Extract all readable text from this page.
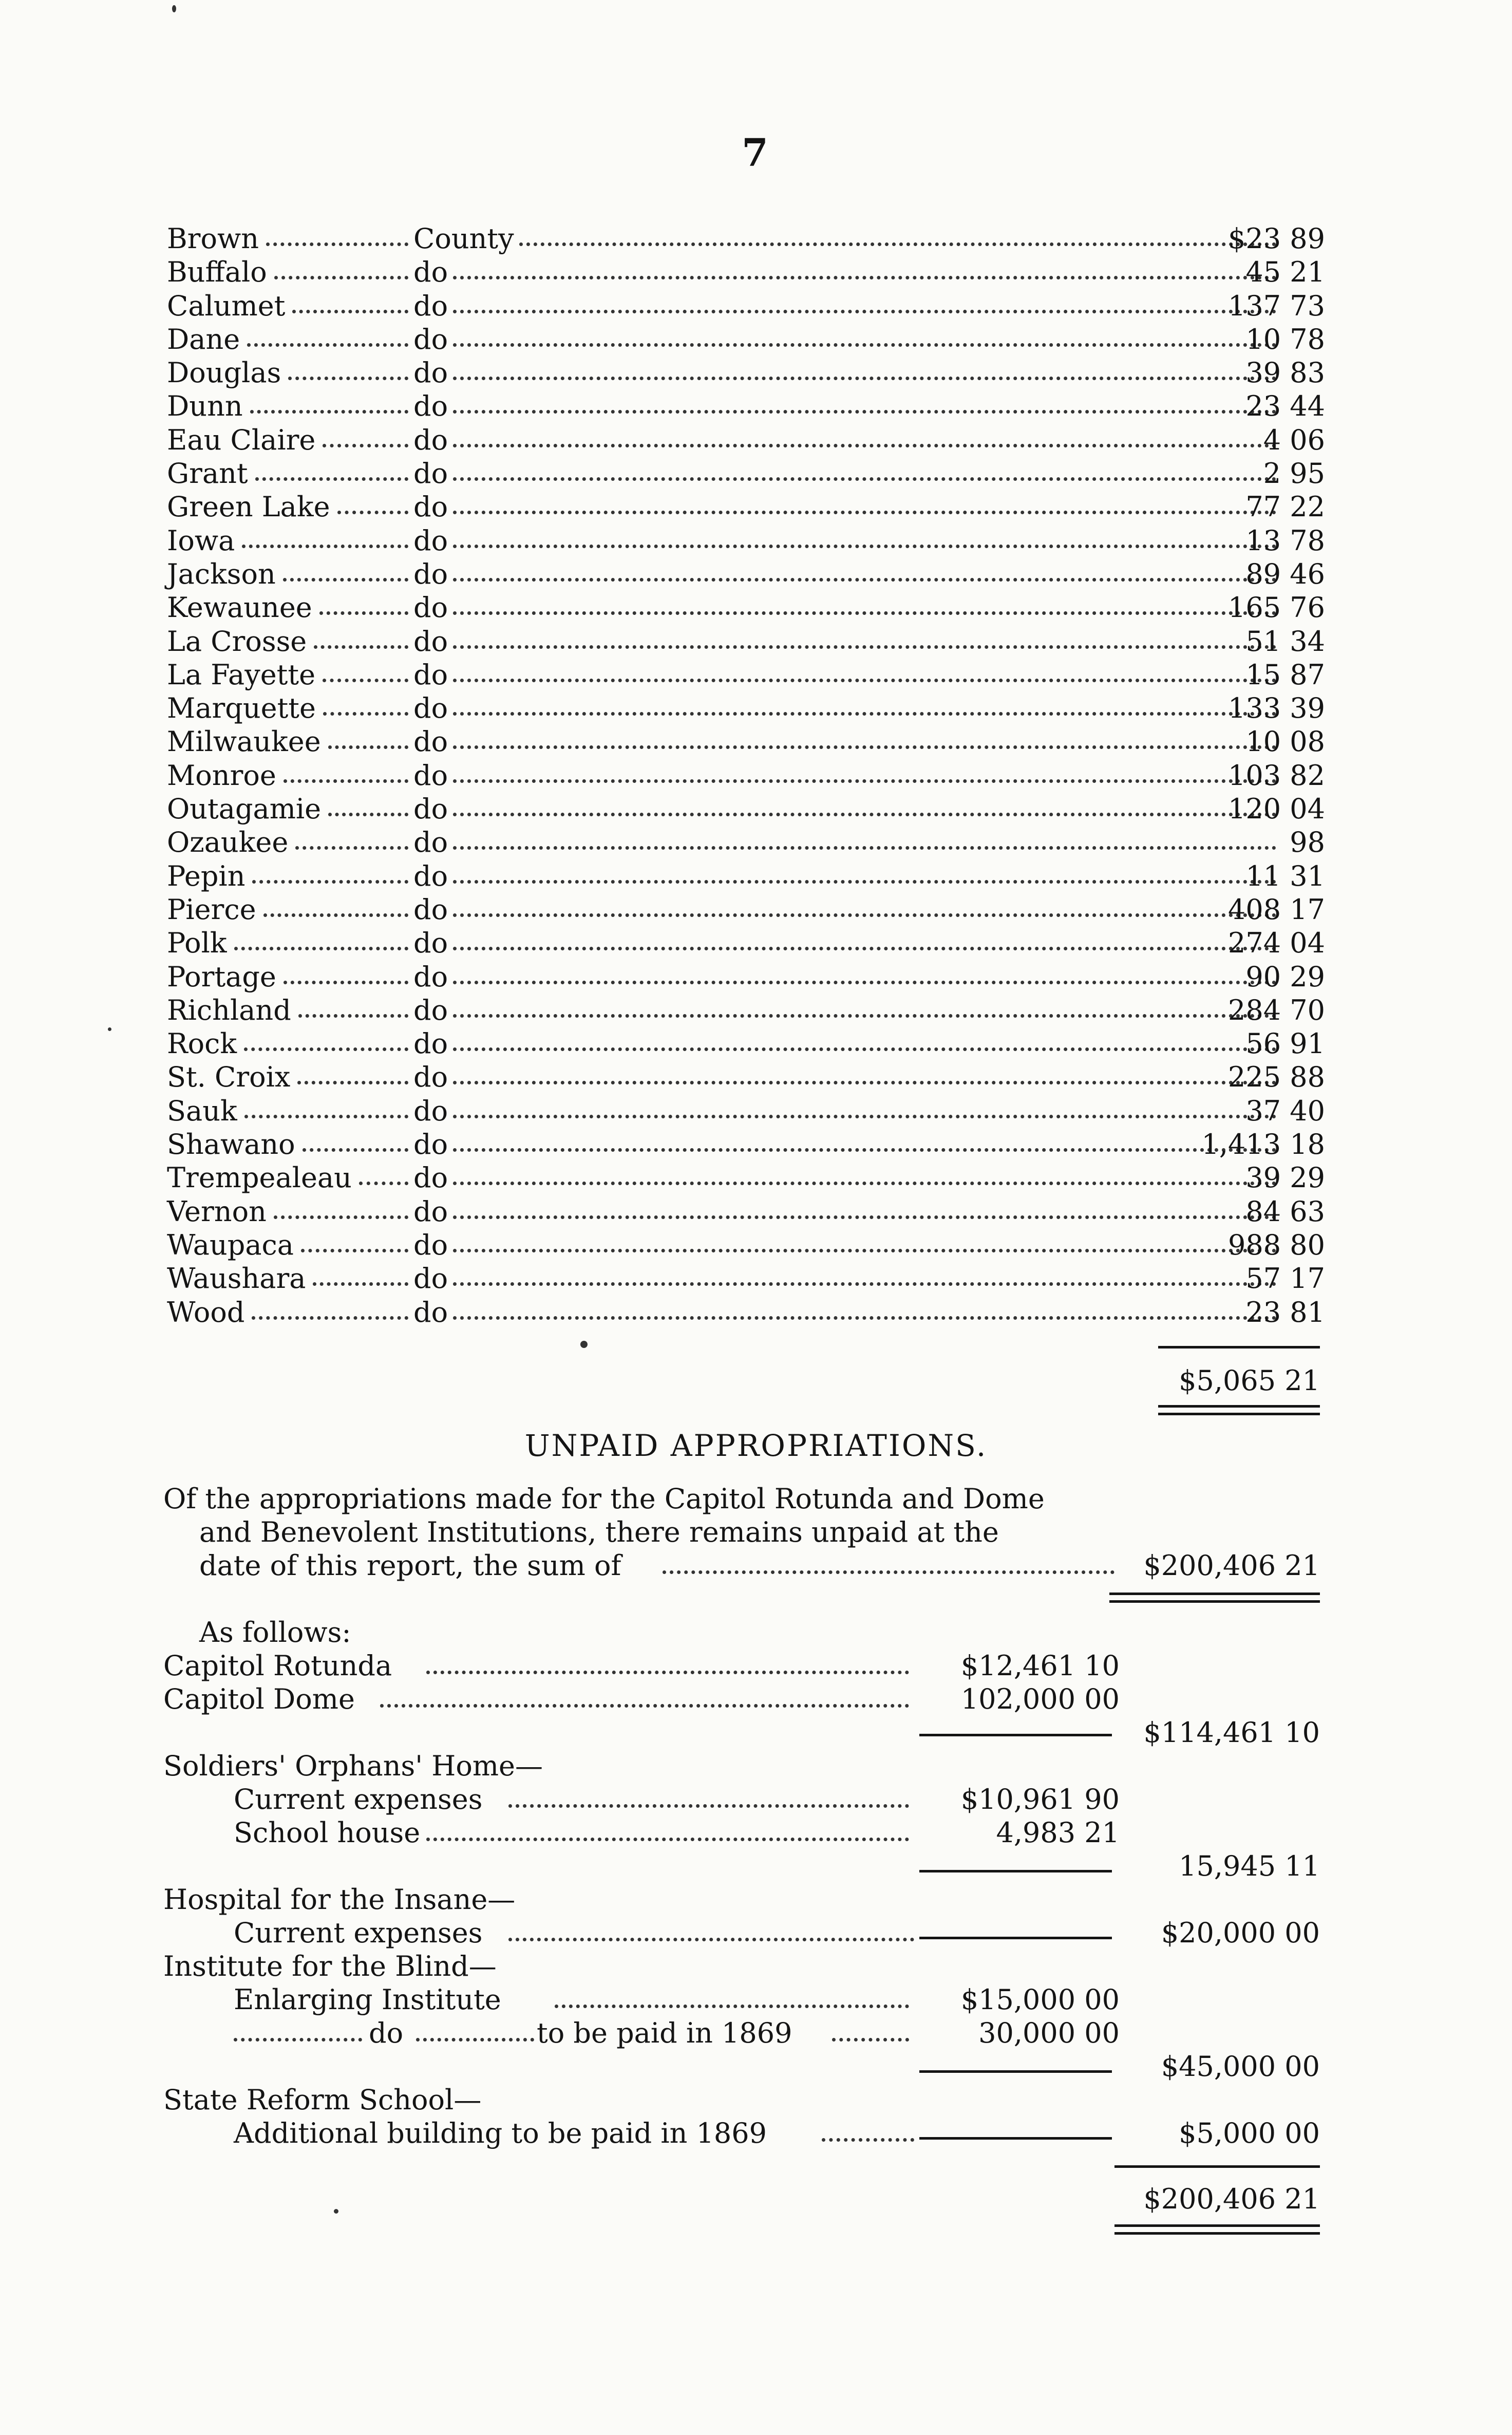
7
Brown	County	$23 89
Buffalo	do	45 21
Calumet	do	137 73
Dane	do	10 78
Douglas	do	39 83
Dunn	do	23 44
Eau Claire	do	4 06
Grant	do	2 95
Green Lake	do	77 22
Iowa	do	13 78
Jackson	do	89 46
Kewaunee	do	165 76
La Crosse	do	51 34
La Fayette	do	15 87
Marquette	do	133 39
Milwaukee	do	10 08
Monroe	do	103 82
Outagamie	do	120 04
Ozaukee	do	98
Pepin	do	11 31
Pierce	do	408 17
Polk	do	274 04
Portage	do	90 29
Richland	do	284 70
Rock	do	56 91
St. Croix	do	225 88
Sauk	do	37 40
Shawano	do	1,413 18
Trempealeau do	39 29
Vernon	do	84 63
Waupaca	do	988 80
Waushara	do	57 17
Wood	do	23 81
$5,065 21
UNPAID APPROPRIATIONS.
Of the appropriations made for the Capitol Rotunda and Dome
and Benevolent Institutions, there remains unpaid at the
date of this report, the sum of	$200,406 21
As follows:
Capitol Rotunda	$12,461 10
Capitol Dome	102,000 00
$114,461 10
Soldiers' Orphans' Home—
Current expenses	$10,961 90
School house	4,983 21
15,945 11
Hospital for the Insane—
Current expenses	$20,000 00
Institute for the Blind—
Enlarging Institute	$15,000 00
do	to be paid in 1869	30,000 00
$45,000 00
State Reform School—
Additional building to be paid in 1869	$5,000 00
$200,406 21
